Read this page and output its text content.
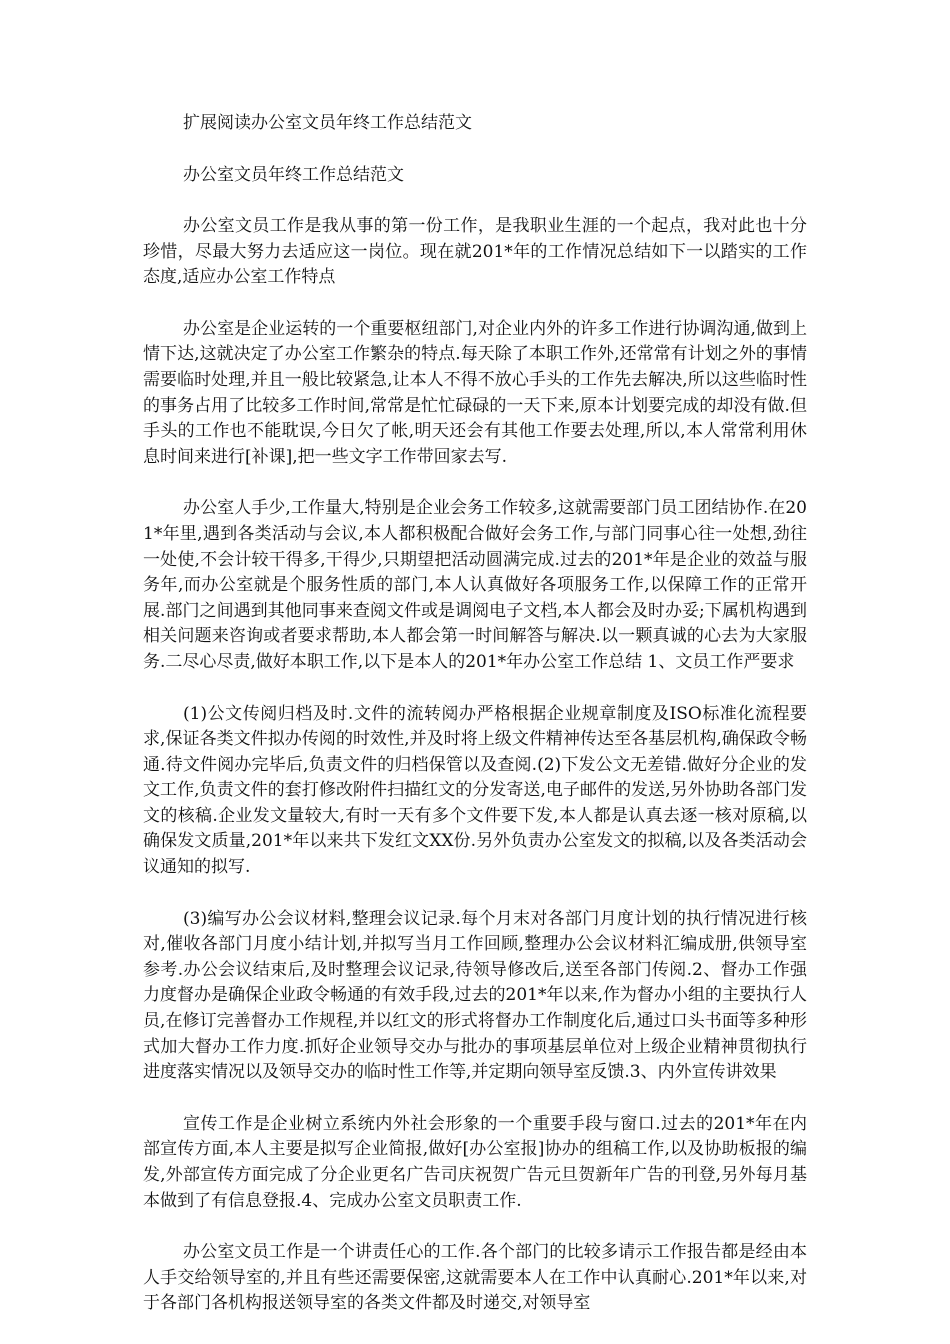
扩展阅读办公室文员年终工作总结范文

办公室文员年终工作总结范文

办公室文员工作是我从事的第一份工作，是我职业生涯的一个起点，我对此也十分珍惜，尽最大努力去适应这一岗位。现在就201*年的工作情况总结如下一以踏实的工作态度,适应办公室工作特点

办公室是企业运转的一个重要枢纽部门,对企业内外的许多工作进行协调沟通,做到上情下达,这就决定了办公室工作繁杂的特点.每天除了本职工作外,还常常有计划之外的事情需要临时处理,并且一般比较紧急,让本人不得不放心手头的工作先去解决,所以这些临时性的事务占用了比较多工作时间,常常是忙忙碌碌的一天下来,原本计划要完成的却没有做.但手头的工作也不能耽误,今日欠了帐,明天还会有其他工作要去处理,所以,本人常常利用休息时间来进行[补课],把一些文字工作带回家去写.

办公室人手少,工作量大,特别是企业会务工作较多,这就需要部门员工团结协作.在201*年里,遇到各类活动与会议,本人都积极配合做好会务工作,与部门同事心往一处想,劲往一处使,不会计较干得多,干得少,只期望把活动圆满完成.过去的201*年是企业的效益与服务年,而办公室就是个服务性质的部门,本人认真做好各项服务工作,以保障工作的正常开展.部门之间遇到其他同事来查阅文件或是调阅电子文档,本人都会及时办妥;下属机构遇到相关问题来咨询或者要求帮助,本人都会第一时间解答与解决.以一颗真诚的心去为大家服务.二尽心尽责,做好本职工作,以下是本人的201*年办公室工作总结 1、文员工作严要求

(1)公文传阅归档及时.文件的流转阅办严格根据企业规章制度及ISO标准化流程要求,保证各类文件拟办传阅的时效性,并及时将上级文件精神传达至各基层机构,确保政令畅通.待文件阅办完毕后,负责文件的归档保管以及查阅.(2)下发公文无差错.做好分企业的发文工作,负责文件的套打修改附件扫描红文的分发寄送,电子邮件的发送,另外协助各部门发文的核稿.企业发文量较大,有时一天有多个文件要下发,本人都是认真去逐一核对原稿,以确保发文质量,201*年以来共下发红文XX份.另外负责办公室发文的拟稿,以及各类活动会议通知的拟写.

(3)编写办公会议材料,整理会议记录.每个月末对各部门月度计划的执行情况进行核对,催收各部门月度小结计划,并拟写当月工作回顾,整理办公会议材料汇编成册,供领导室参考.办公会议结束后,及时整理会议记录,待领导修改后,送至各部门传阅.2、督办工作强力度督办是确保企业政令畅通的有效手段,过去的201*年以来,作为督办小组的主要执行人员,在修订完善督办工作规程,并以红文的形式将督办工作制度化后,通过口头书面等多种形式加大督办工作力度.抓好企业领导交办与批办的事项基层单位对上级企业精神贯彻执行进度落实情况以及领导交办的临时性工作等,并定期向领导室反馈.3、内外宣传讲效果

宣传工作是企业树立系统内外社会形象的一个重要手段与窗口.过去的201*年在内部宣传方面,本人主要是拟写企业简报,做好[办公室报]协办的组稿工作,以及协助板报的编发,外部宣传方面完成了分企业更名广告司庆祝贺广告元旦贺新年广告的刊登,另外每月基本做到了有信息登报.4、完成办公室文员职责工作.

办公室文员工作是一个讲责任心的工作.各个部门的比较多请示工作报告都是经由本人手交给领导室的,并且有些还需要保密,这就需要本人在工作中认真耐心.201*年以来,对于各部门各机构报送领导室的各类文件都及时递交,对领导室
